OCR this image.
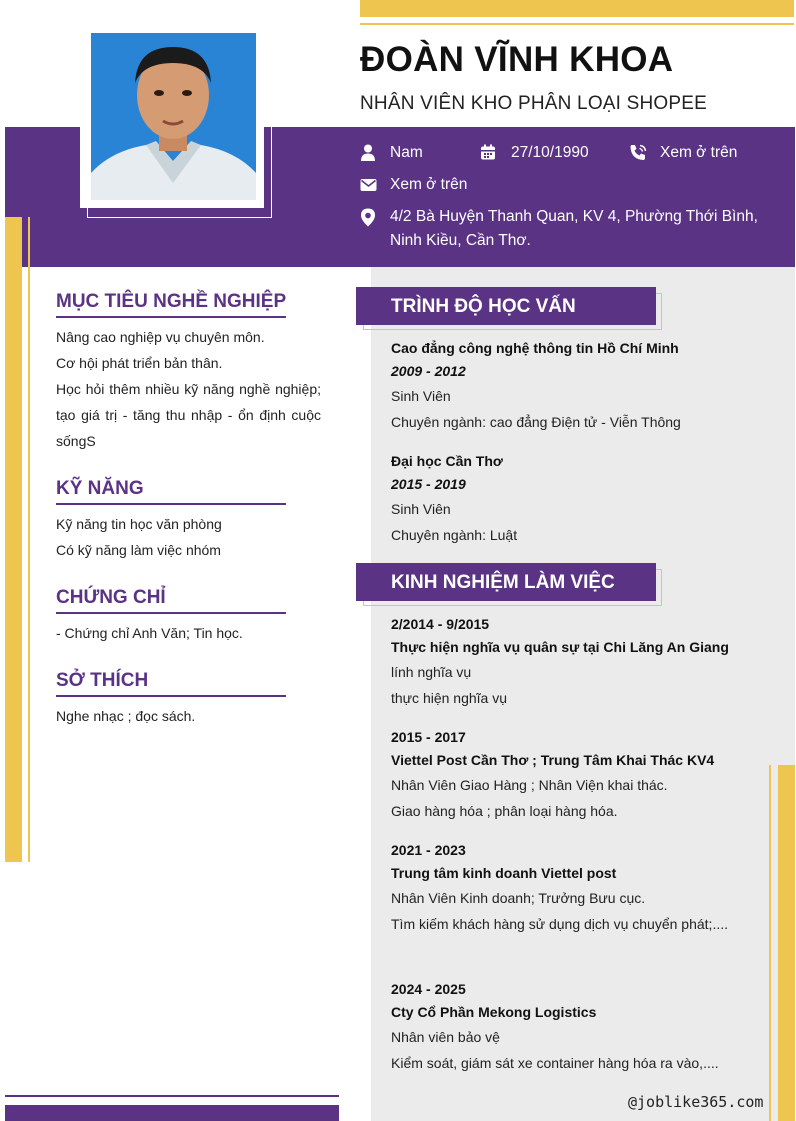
ĐOÀN VĨNH KHOA
NHÂN VIÊN KHO PHÂN LOẠI SHOPEE
Nam	27/10/1990	Xem ở trên
Xem ở trên
4/2 Bà Huyện Thanh Quan, KV 4, Phường Thới Bình,
Ninh Kiều, Cần Thơ.
MỤC TIÊU NGHỀ NGHIỆP
Nâng cao nghiệp vụ chuyên môn.
Cơ hội phát triển bản thân.
Học hỏi thêm nhiều kỹ năng nghề nghiệp; tạo giá trị - tăng thu nhập - ổn định cuộc sốngS
KỸ NĂNG
Kỹ năng tin học văn phòng
Có kỹ năng làm việc nhóm
CHỨNG CHỈ
- Chứng chỉ Anh Văn; Tin học.
SỞ THÍCH
Nghe nhạc ; đọc sách.
TRÌNH ĐỘ HỌC VẤN
Cao đẳng công nghệ thông tin Hồ Chí Minh
2009 - 2012
Sinh Viên
Chuyên ngành: cao đẳng Điện tử - Viễn Thông
Đại học Cần Thơ
2015 - 2019
Sinh Viên
Chuyên ngành: Luật
KINH NGHIỆM LÀM VIỆC
2/2014 - 9/2015
Thực hiện nghĩa vụ quân sự tại Chi Lăng An Giang
lính nghĩa vụ
thực hiện nghĩa vụ
2015 - 2017
Viettel Post Cần Thơ ; Trung Tâm Khai Thác KV4
Nhân Viên Giao Hàng ; Nhân Viện khai thác.
Giao hàng hóa ; phân loại hàng hóa.
2021 - 2023
Trung tâm kinh doanh Viettel post
Nhân Viên Kinh doanh; Trưởng Bưu cục.
Tìm kiếm khách hàng sử dụng dịch vụ chuyển phát;....
2024 - 2025
Cty Cổ Phần Mekong Logistics
Nhân viên bảo vệ
Kiểm soát, giám sát xe container hàng hóa ra vào,....
@joblike365.com
